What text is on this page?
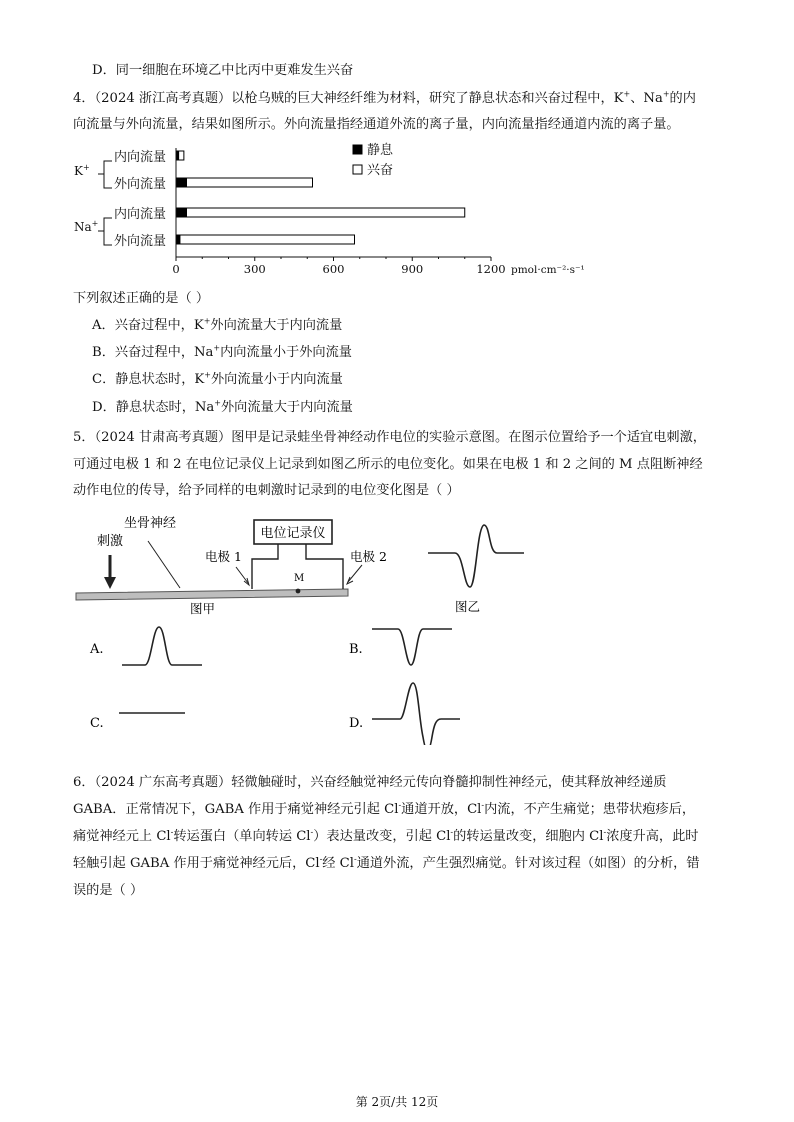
D．同一细胞在环境乙中比丙中更难发生兴奋
4．（2024 浙江高考真题）以枪乌贼的巨大神经纤维为材料，研究了静息状态和兴奋过程中，K+、Na+的内
向流量与外向流量，结果如图所示。外向流量指经通道外流的离子量，内向流量指经通道内流的离子量。
内向流量
外向流量
内向流量
外向流量
K+
Na+
0	300	600	900	1200 pmol·cm⁻²·s⁻¹
静息
兴奋
下列叙述正确的是（ ）
A．兴奋过程中，K+外向流量大于内向流量
B．兴奋过程中，Na+内向流量小于外向流量
C．静息状态时，K+外向流量小于内向流量
D．静息状态时，Na+外向流量大于内向流量
5．（2024 甘肃高考真题）图甲是记录蛙坐骨神经动作电位的实验示意图。在图示位置给予一个适宜电刺激，
可通过电极 1 和 2 在电位记录仪上记录到如图乙所示的电位变化。如果在电极 1 和 2 之间的 M 点阻断神经
动作电位的传导，给予同样的电刺激时记录到的电位变化图是（ ）
坐骨神经
刺激
电位记录仪
电极 1	电极 2
M
图甲	图乙
A.	B.
C.	D.
6．（2024 广东高考真题）轻微触碰时，兴奋经触觉神经元传向脊髓抑制性神经元，使其释放神经递质
GABA．正常情况下，GABA 作用于痛觉神经元引起 Cl-通道开放，Cl-内流，不产生痛觉；患带状疱疹后，
痛觉神经元上 Cl-转运蛋白（单向转运 Cl-）表达量改变，引起 Cl-的转运量改变，细胞内 Cl-浓度升高，此时
轻触引起 GABA 作用于痛觉神经元后，Cl-经 Cl-通道外流，产生强烈痛觉。针对该过程（如图）的分析，错
误的是（ ）
第 2页/共 12页
